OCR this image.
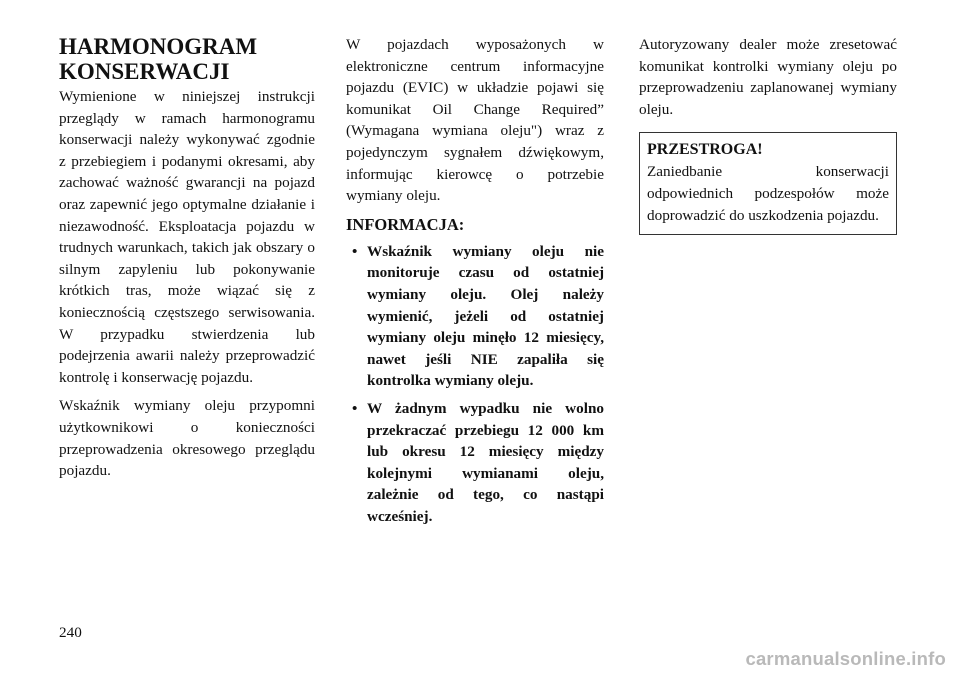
HARMONOGRAM KONSERWACJI

Wymienione w niniejszej instrukcji przeglądy w ramach harmonogramu konserwacji należy wykonywać zgodnie z przebiegiem i podanymi okresami, aby zachować ważność gwarancji na pojazd oraz zapewnić jego optymalne działanie i niezawodność. Eksploatacja pojazdu w trudnych warunkach, takich jak obszary o silnym zapyleniu lub pokonywanie krótkich tras, może wiązać się z koniecznością częstszego serwisowania. W przypadku stwierdzenia lub podejrzenia awarii należy przeprowadzić kontrolę i konserwację pojazdu.

Wskaźnik wymiany oleju przypomni użytkownikowi o konieczności przeprowadzenia okresowego przeglądu pojazdu.

W pojazdach wyposażonych w elektroniczne centrum informacyjne pojazdu (EVIC) w układzie pojawi się komunikat Oil Change Required” (Wymagana wymiana oleju") wraz z pojedynczym sygnałem dźwiękowym, informując kierowcę o potrzebie wymiany oleju.

INFORMACJA:
• Wskaźnik wymiany oleju nie monitoruje czasu od ostatniej wymiany oleju. Olej należy wymienić, jeżeli od ostatniej wymiany oleju minęło 12 miesięcy, nawet jeśli NIE zapaliła się kontrolka wymiany oleju.
• W żadnym wypadku nie wolno przekraczać przebiegu 12 000 km lub okresu 12 miesięcy między kolejnymi wymianami oleju, zależnie od tego, co nastąpi wcześniej.

Autoryzowany dealer może zresetować komunikat kontrolki wymiany oleju po przeprowadzeniu zaplanowanej wymiany oleju.

PRZESTROGA!
Zaniedbanie konserwacji odpowiednich podzespołów może doprowadzić do uszkodzenia pojazdu.
240
carmanualsonline.info
